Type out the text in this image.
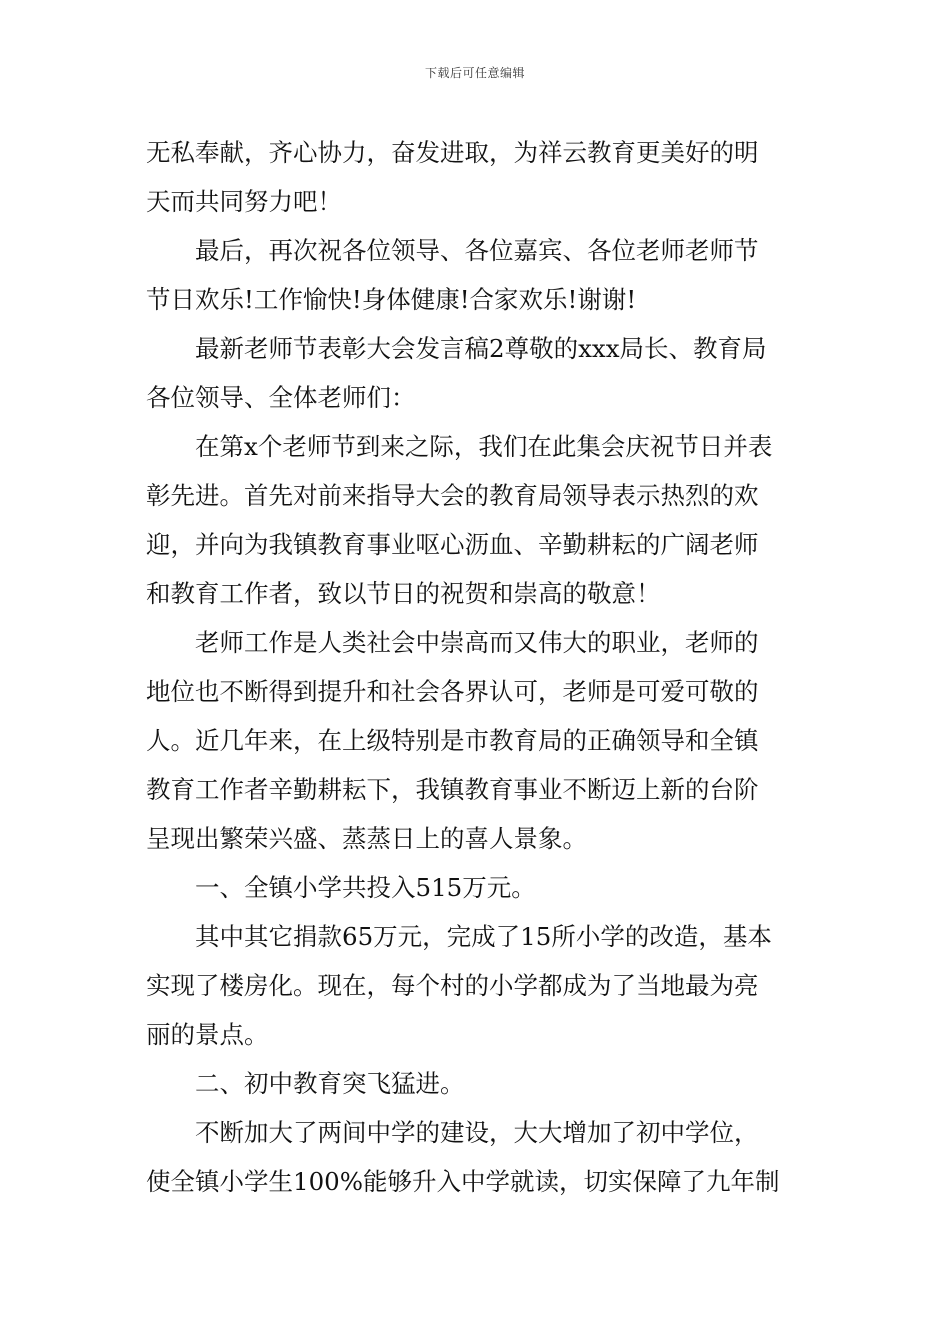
下载后可任意编辑
无私奉献，齐心协力，奋发进取，为祥云教育更美好的明
天而共同努力吧！
最后，再次祝各位领导、各位嘉宾、各位老师老师节
节日欢乐!工作愉快!身体健康!合家欢乐!谢谢!
最新老师节表彰大会发言稿2尊敬的xxx局长、教育局
各位领导、全体老师们：
在第x个老师节到来之际，我们在此集会庆祝节日并表
彰先进。首先对前来指导大会的教育局领导表示热烈的欢
迎，并向为我镇教育事业呕心沥血、辛勤耕耘的广阔老师
和教育工作者，致以节日的祝贺和崇高的敬意！
老师工作是人类社会中崇高而又伟大的职业，老师的
地位也不断得到提升和社会各界认可，老师是可爱可敬的
人。近几年来，在上级特别是市教育局的正确领导和全镇
教育工作者辛勤耕耘下，我镇教育事业不断迈上新的台阶
呈现出繁荣兴盛、蒸蒸日上的喜人景象。
一、全镇小学共投入515万元。
其中其它捐款65万元，完成了15所小学的改造，基本
实现了楼房化。现在，每个村的小学都成为了当地最为亮
丽的景点。
二、初中教育突飞猛进。
不断加大了两间中学的建设，大大增加了初中学位，
使全镇小学生100%能够升入中学就读，切实保障了九年制
